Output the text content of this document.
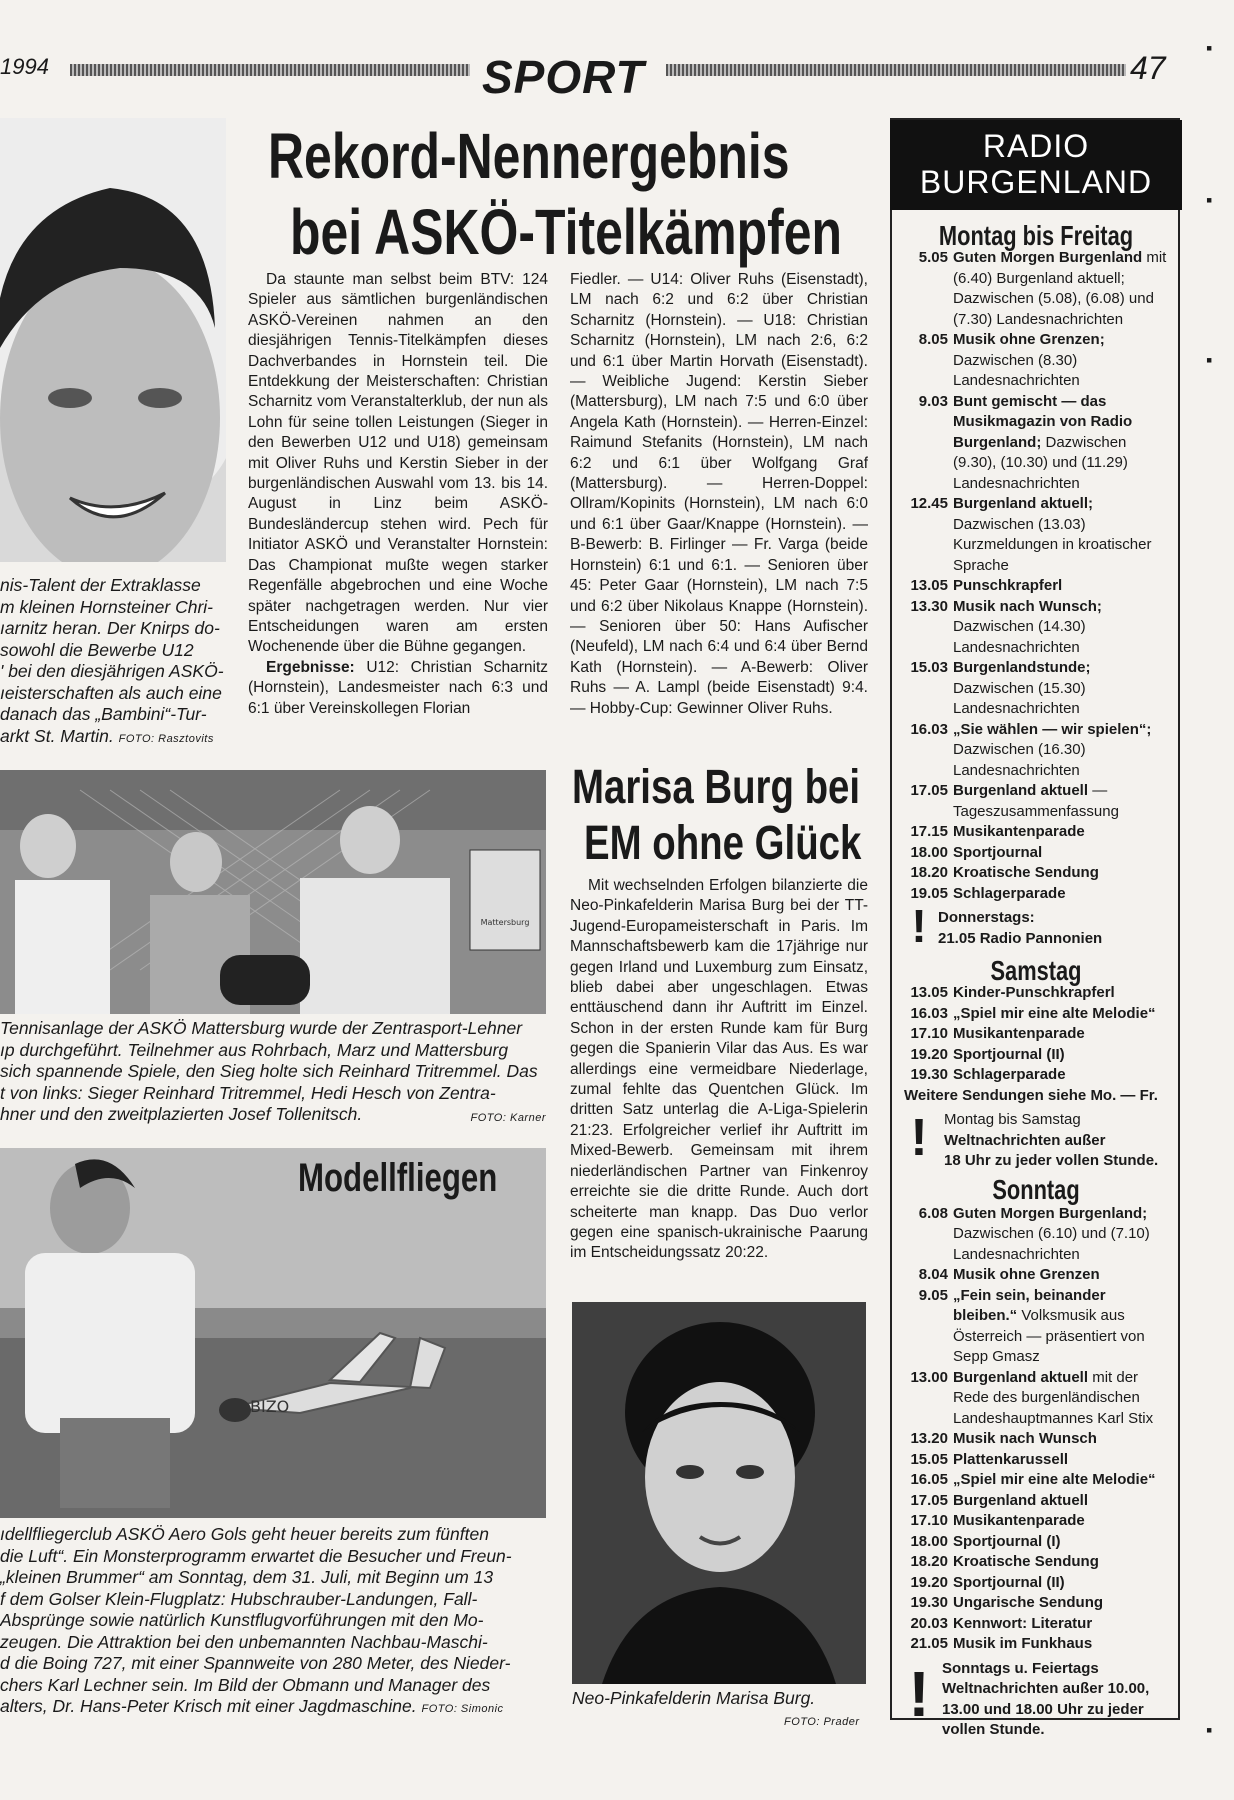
1994	SPORT	47
nis-Talent der Extraklasse
m kleinen Hornsteiner Chri-
ıarnitz heran. Der Knirps do-
sowohl die Bewerbe U12
' bei den diesjährigen ASKÖ-
ıeisterschaften als auch eine
danach das „Bambini“-Tur-
arkt St. Martin. FOTO: Rasztovits
Rekord-Nennergebnis
bei ASKÖ-Titelkämpfen

Da staunte man selbst beim BTV: 124 Spieler aus sämtlichen burgenländischen ASKÖ-Vereinen nahmen an den diesjährigen Tennis-Titelkämpfen dieses Dachverbandes in Hornstein teil. Die Entdekkung der Meisterschaften: Christian Scharnitz vom Veranstalterklub, der nun als Lohn für seine tollen Leistungen (Sieger in den Bewerben U12 und U18) gemeinsam mit Oliver Ruhs und Kerstin Sieber in der burgenländischen Auswahl vom 13. bis 14. August in Linz beim ASKÖ-Bundesländercup stehen wird. Pech für Initiator ASKÖ und Veranstalter Hornstein: Das Championat mußte wegen starker Regenfälle abgebrochen und eine Woche später nachgetragen werden. Nur vier Entscheidungen waren am ersten Wochenende über die Bühne gegangen.

Ergebnisse: U12: Christian Scharnitz (Hornstein), Landesmeister nach 6:3 und 6:1 über Vereinskollegen Florian

Fiedler. — U14: Oliver Ruhs (Eisenstadt), LM nach 6:2 und 6:2 über Christian Scharnitz (Hornstein). — U18: Christian Scharnitz (Hornstein), LM nach 2:6, 6:2 und 6:1 über Martin Horvath (Eisenstadt). — Weibliche Jugend: Kerstin Sieber (Mattersburg), LM nach 7:5 und 6:0 über Angela Kath (Hornstein). — Herren-Einzel: Raimund Stefanits (Hornstein), LM nach 6:2 und 6:1 über Wolfgang Graf (Mattersburg). — Herren-Doppel: Ollram/Kopinits (Hornstein), LM nach 6:0 und 6:1 über Gaar/Knappe (Hornstein). — B-Bewerb: B. Firlinger — Fr. Varga (beide Hornstein) 6:1 und 6:1. — Senioren über 45: Peter Gaar (Hornstein), LM nach 7:5 und 6:2 über Nikolaus Knappe (Hornstein). — Senioren über 50: Hans Aufischer (Neufeld), LM nach 6:4 und 6:4 über Bernd Kath (Hornstein). — A-Bewerb: Oliver Ruhs — A. Lampl (beide Eisenstadt) 9:4. — Hobby-Cup: Gewinner Oliver Ruhs.

Mattersburg
Tennisanlage der ASKÖ Mattersburg wurde der Zentrasport-Lehner
ıp durchgeführt. Teilnehmer aus Rohrbach, Marz und Mattersburg
sich spannende Spiele, den Sieg holte sich Reinhard Tritremmel. Das
t von links: Sieger Reinhard Tritremmel, Hedi Hesch von Zentra-
hner und den zweitplazierten Josef Tollenitsch.	FOTO: Karner
BIZO
Modellfliegen
ıdellfliegerclub ASKÖ Aero Gols geht heuer bereits zum fünften
die Luft“. Ein Monsterprogramm erwartet die Besucher und Freun-
„kleinen Brummer“ am Sonntag, dem 31. Juli, mit Beginn um 13
f dem Golser Klein-Flugplatz: Hubschrauber-Landungen, Fall-
Absprünge sowie natürlich Kunstflugvorführungen mit den Mo-
zeugen. Die Attraktion bei den unbemannten Nachbau-Maschi-
d die Boing 727, mit einer Spannweite von 280 Meter, des Nieder-
chers Karl Lechner sein. Im Bild der Obmann und Manager des
alters, Dr. Hans-Peter Krisch mit einer Jagdmaschine. FOTO: Simonic
Marisa Burg bei
EM ohne Glück

Mit wechselnden Erfolgen bilanzierte die Neo-Pinkafelderin Marisa Burg bei der TT-Jugend-Europameisterschaft in Paris. Im Mannschaftsbewerb kam die 17jährige nur gegen Irland und Luxemburg zum Einsatz, blieb dabei aber ungeschlagen. Etwas enttäuschend dann ihr Auftritt im Einzel. Schon in der ersten Runde kam für Burg gegen die Spanierin Vilar das Aus. Es war allerdings eine vermeidbare Niederlage, zumal fehlte das Quentchen Glück. Im dritten Satz unterlag die A-Liga-Spielerin 21:23. Erfolgreicher verlief ihr Auftritt im Mixed-Bewerb. Gemeinsam mit ihrem niederländischen Partner van Finkenroy erreichte sie die dritte Runde. Auch dort scheiterte man knapp. Das Duo verlor gegen eine spanisch-ukrainische Paarung im Entscheidungssatz 20:22.

Neo-Pinkafelderin Marisa Burg.
FOTO: Prader
RADIO
BURGENLAND
Montag bis Freitag
5.05 Guten Morgen Burgenland mit (6.40) Burgenland aktuell; Dazwischen (5.08), (6.08) und (7.30) Landesnachrichten
8.05 Musik ohne Grenzen; Dazwischen (8.30) Landesnachrichten
9.03 Bunt gemischt — das Musikmagazin von Radio Burgenland; Dazwischen (9.30), (10.30) und (11.29) Landesnachrichten
12.45 Burgenland aktuell; Dazwischen (13.03) Kurzmeldungen in kroatischer Sprache
13.05 Punschkrapferl
13.30 Musik nach Wunsch; Dazwischen (14.30) Landesnachrichten
15.03 Burgenlandstunde; Dazwischen (15.30) Landesnachrichten
16.03 „Sie wählen — wir spielen“; Dazwischen (16.30) Landesnachrichten
17.05 Burgenland aktuell — Tageszusammenfassung
17.15 Musikantenparade
18.00 Sportjournal
18.20 Kroatische Sendung
19.05 Schlagerparade
! Donnerstags:
21.05 Radio Pannonien
Samstag
13.05 Kinder-Punschkrapferl
16.03 „Spiel mir eine alte Melodie“
17.10 Musikantenparade
19.20 Sportjournal (II)
19.30 Schlagerparade
Weitere Sendungen siehe Mo. — Fr.
!	Montag bis Samstag
Weltnachrichten außer
18 Uhr zu jeder vollen Stunde.
Sonntag
6.08 Guten Morgen Burgenland; Dazwischen (6.10) und (7.10) Landesnachrichten
8.04 Musik ohne Grenzen
9.05 „Fein sein, beinander bleiben.“ Volksmusik aus Österreich — präsentiert von Sepp Gmasz
13.00 Burgenland aktuell mit der Rede des burgenländischen Landeshauptmannes Karl Stix
13.20 Musik nach Wunsch
15.05 Plattenkarussell
16.05 „Spiel mir eine alte Melodie“
17.05 Burgenland aktuell
17.10 Musikantenparade
18.00 Sportjournal (I)
18.20 Kroatische Sendung
19.20 Sportjournal (II)
19.30 Ungarische Sendung
20.03 Kennwort: Literatur
21.05 Musik im Funkhaus
! Sonntags u. Feiertags
Weltnachrichten außer 10.00,
13.00 und 18.00 Uhr zu jeder
vollen Stunde.
▪
▪
▪
▪
